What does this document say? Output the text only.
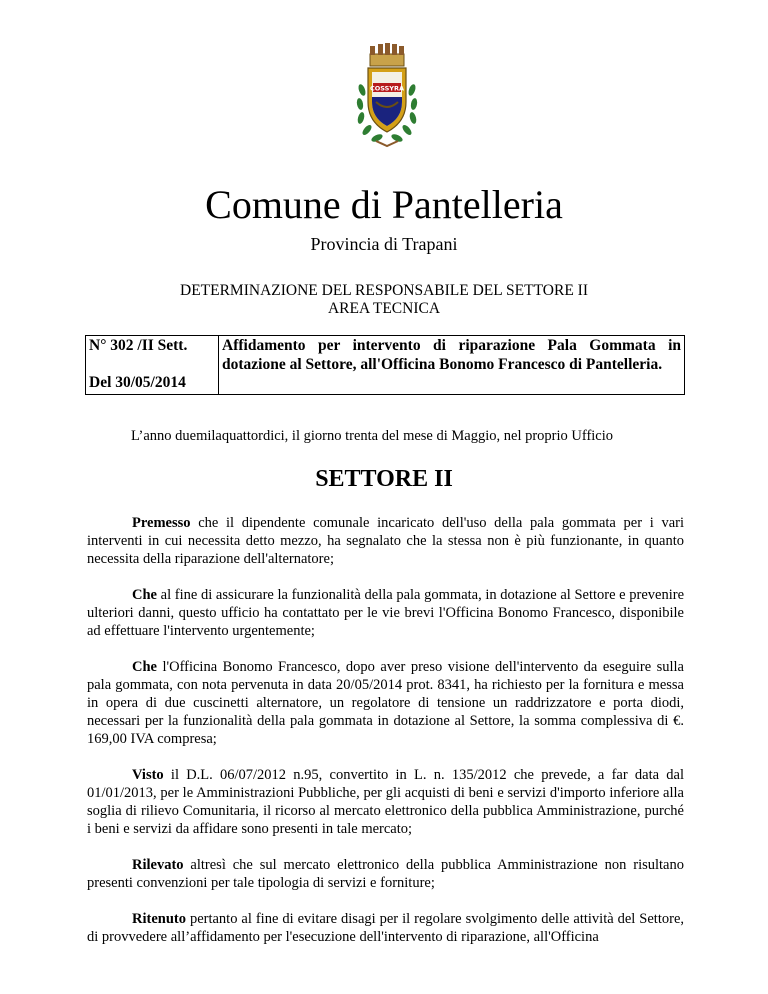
COSSYRA
Comune di Pantelleria
Provincia di Trapani
DETERMINAZIONE DEL RESPONSABILE DEL SETTORE II
AREA TECNICA
N° 302 /II Sett.
Del 30/05/2014
	Affidamento per intervento di riparazione Pala Gommata in dotazione al Settore, all'Officina Bonomo Francesco di Pantelleria.
L’anno duemilaquattordici, il giorno trenta del mese di Maggio, nel proprio Ufficio
SETTORE II

Premesso che il dipendente comunale incaricato dell'uso della pala gommata per i vari interventi in cui necessita detto mezzo, ha segnalato che la stessa non è più funzionante, in quanto necessita della riparazione dell'alternatore;

Che al fine di assicurare la funzionalità della pala gommata, in dotazione al Settore e prevenire ulteriori danni, questo ufficio ha contattato per le vie brevi l'Officina Bonomo Francesco, disponibile ad effettuare l'intervento urgentemente;

Che l'Officina Bonomo Francesco, dopo aver preso visione dell'intervento da eseguire sulla pala gommata, con nota pervenuta in data 20/05/2014 prot. 8341, ha richiesto per la fornitura e messa in opera di due cuscinetti alternatore, un regolatore di tensione un raddrizzatore e porta diodi, necessari per la funzionalità della pala gommata in dotazione al Settore, la somma complessiva di €. 169,00 IVA compresa;

Visto il D.L. 06/07/2012 n.95, convertito in L. n. 135/2012 che prevede, a far data dal 01/01/2013, per le Amministrazioni Pubbliche, per gli acquisti di beni e servizi d'importo inferiore alla soglia di rilievo Comunitaria, il ricorso al mercato elettronico della pubblica Amministrazione, purché i beni e servizi da affidare sono presenti in tale mercato;

Rilevato altresì che sul mercato elettronico della pubblica Amministrazione non risultano presenti convenzioni per tale tipologia di servizi e forniture;

Ritenuto pertanto al fine di evitare disagi per il regolare svolgimento delle attività del Settore, di provvedere all’affidamento per l'esecuzione dell'intervento di riparazione, all'Officina
